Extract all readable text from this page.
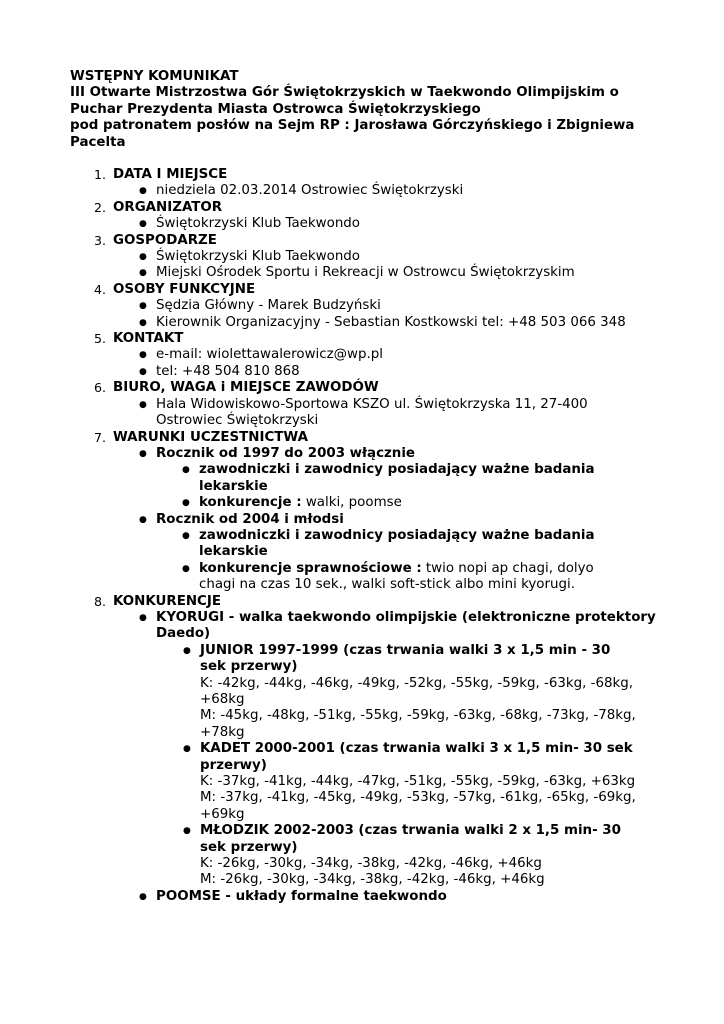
WSTĘPNY KOMUNIKAT
III Otwarte Mistrzostwa Gór Świętokrzyskich w Taekwondo Olimpijskim o
Puchar Prezydenta Miasta Ostrowca Świętokrzyskiego
pod patronatem posłów na Sejm RP : Jarosława Górczyńskiego i Zbigniewa
Pacelta
1. DATA I MIEJSCE
● niedziela 02.03.2014 Ostrowiec Świętokrzyski
2. ORGANIZATOR
● Świętokrzyski Klub Taekwondo
3. GOSPODARZE
● Świętokrzyski Klub Taekwondo
● Miejski Ośrodek Sportu i Rekreacji w Ostrowcu Świętokrzyskim
4. OSOBY FUNKCYJNE
● Sędzia Główny - Marek Budzyński
● Kierownik Organizacyjny - Sebastian Kostkowski tel: +48 503 066 348
5. KONTAKT
● e-mail: wiolettawalerowicz@wp.pl
● tel: +48 504 810 868
6. BIURO, WAGA i MIEJSCE ZAWODÓW
● Hala Widowiskowo-Sportowa KSZO ul. Świętokrzyska 11, 27-400 Ostrowiec Świętokrzyski
7. WARUNKI UCZESTNICTWA
● Rocznik od 1997 do 2003 włącznie
● zawodniczki i zawodnicy posiadający ważne badania lekarskie
● konkurencje : walki, poomse
● Rocznik od 2004 i młodsi
● zawodniczki i zawodnicy posiadający ważne badania lekarskie
● konkurencje sprawnościowe : twio nopi ap chagi, dolyo chagi na czas 10 sek., walki soft-stick albo mini kyorugi.
8. KONKURENCJE
● KYORUGI - walka taekwondo olimpijskie (elektroniczne protektory Daedo)
● JUNIOR 1997-1999 (czas trwania walki 3 x 1,5 min - 30 sek przerwy)
K: -42kg, -44kg, -46kg, -49kg, -52kg, -55kg, -59kg, -63kg, -68kg, +68kg
M: -45kg, -48kg, -51kg, -55kg, -59kg, -63kg, -68kg, -73kg, -78kg, +78kg
● KADET 2000-2001 (czas trwania walki 3 x 1,5 min- 30 sek przerwy)
K: -37kg, -41kg, -44kg, -47kg, -51kg, -55kg, -59kg, -63kg, +63kg
M: -37kg, -41kg, -45kg, -49kg, -53kg, -57kg, -61kg, -65kg, -69kg, +69kg
● MŁODZIK 2002-2003 (czas trwania walki 2 x 1,5 min- 30 sek przerwy)
K: -26kg, -30kg, -34kg, -38kg, -42kg, -46kg, +46kg
M: -26kg, -30kg, -34kg, -38kg, -42kg, -46kg, +46kg
● POOMSE - układy formalne taekwondo
